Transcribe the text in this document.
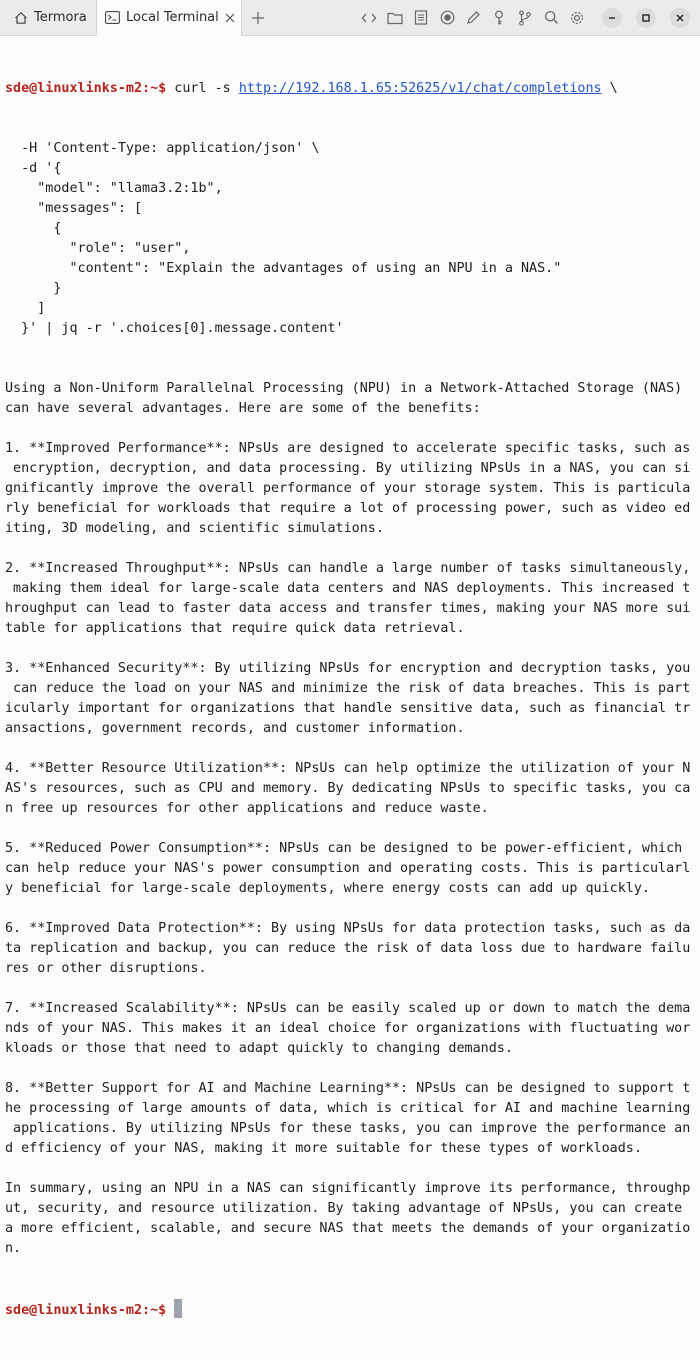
Termora	Local Terminal

sde@linuxlinks-m2:~$ curl -s http://192.168.1.65:52625/v1/chat/completions \

-H 'Content-Type: application/json' \
-d '{
"model": "llama3.2:1b",
"messages": [
{
"role": "user",
"content": "Explain the advantages of using an NPU in a NAS."
}
]
}' | jq -r '.choices[0].message.content'

Using a Non-Uniform Parallelnal Processing (NPU) in a Network-Attached Storage (NAS)
can have several advantages. Here are some of the benefits:
1. **Improved Performance**: NPsUs are designed to accelerate specific tasks, such as
encryption, decryption, and data processing. By utilizing NPsUs in a NAS, you can si
gnificantly improve the overall performance of your storage system. This is particula
rly beneficial for workloads that require a lot of processing power, such as video ed
iting, 3D modeling, and scientific simulations.
2. **Increased Throughput**: NPsUs can handle a large number of tasks simultaneously,
making them ideal for large-scale data centers and NAS deployments. This increased t
hroughput can lead to faster data access and transfer times, making your NAS more sui
table for applications that require quick data retrieval.
3. **Enhanced Security**: By utilizing NPsUs for encryption and decryption tasks, you
can reduce the load on your NAS and minimize the risk of data breaches. This is part
icularly important for organizations that handle sensitive data, such as financial tr
ansactions, government records, and customer information.
4. **Better Resource Utilization**: NPsUs can help optimize the utilization of your N
AS's resources, such as CPU and memory. By dedicating NPsUs to specific tasks, you ca
n free up resources for other applications and reduce waste.
5. **Reduced Power Consumption**: NPsUs can be designed to be power-efficient, which
can help reduce your NAS's power consumption and operating costs. This is particularl
y beneficial for large-scale deployments, where energy costs can add up quickly.
6. **Improved Data Protection**: By using NPsUs for data protection tasks, such as da
ta replication and backup, you can reduce the risk of data loss due to hardware failu
res or other disruptions.
7. **Increased Scalability**: NPsUs can be easily scaled up or down to match the dema
nds of your NAS. This makes it an ideal choice for organizations with fluctuating wor
kloads or those that need to adapt quickly to changing demands.
8. **Better Support for AI and Machine Learning**: NPsUs can be designed to support t
he processing of large amounts of data, which is critical for AI and machine learning
applications. By utilizing NPsUs for these tasks, you can improve the performance an
d efficiency of your NAS, making it more suitable for these types of workloads.
In summary, using an NPU in a NAS can significantly improve its performance, throughp
ut, security, and resource utilization. By taking advantage of NPsUs, you can create
a more efficient, scalable, and secure NAS that meets the demands of your organizatio
n.

sde@linuxlinks-m2:~$
